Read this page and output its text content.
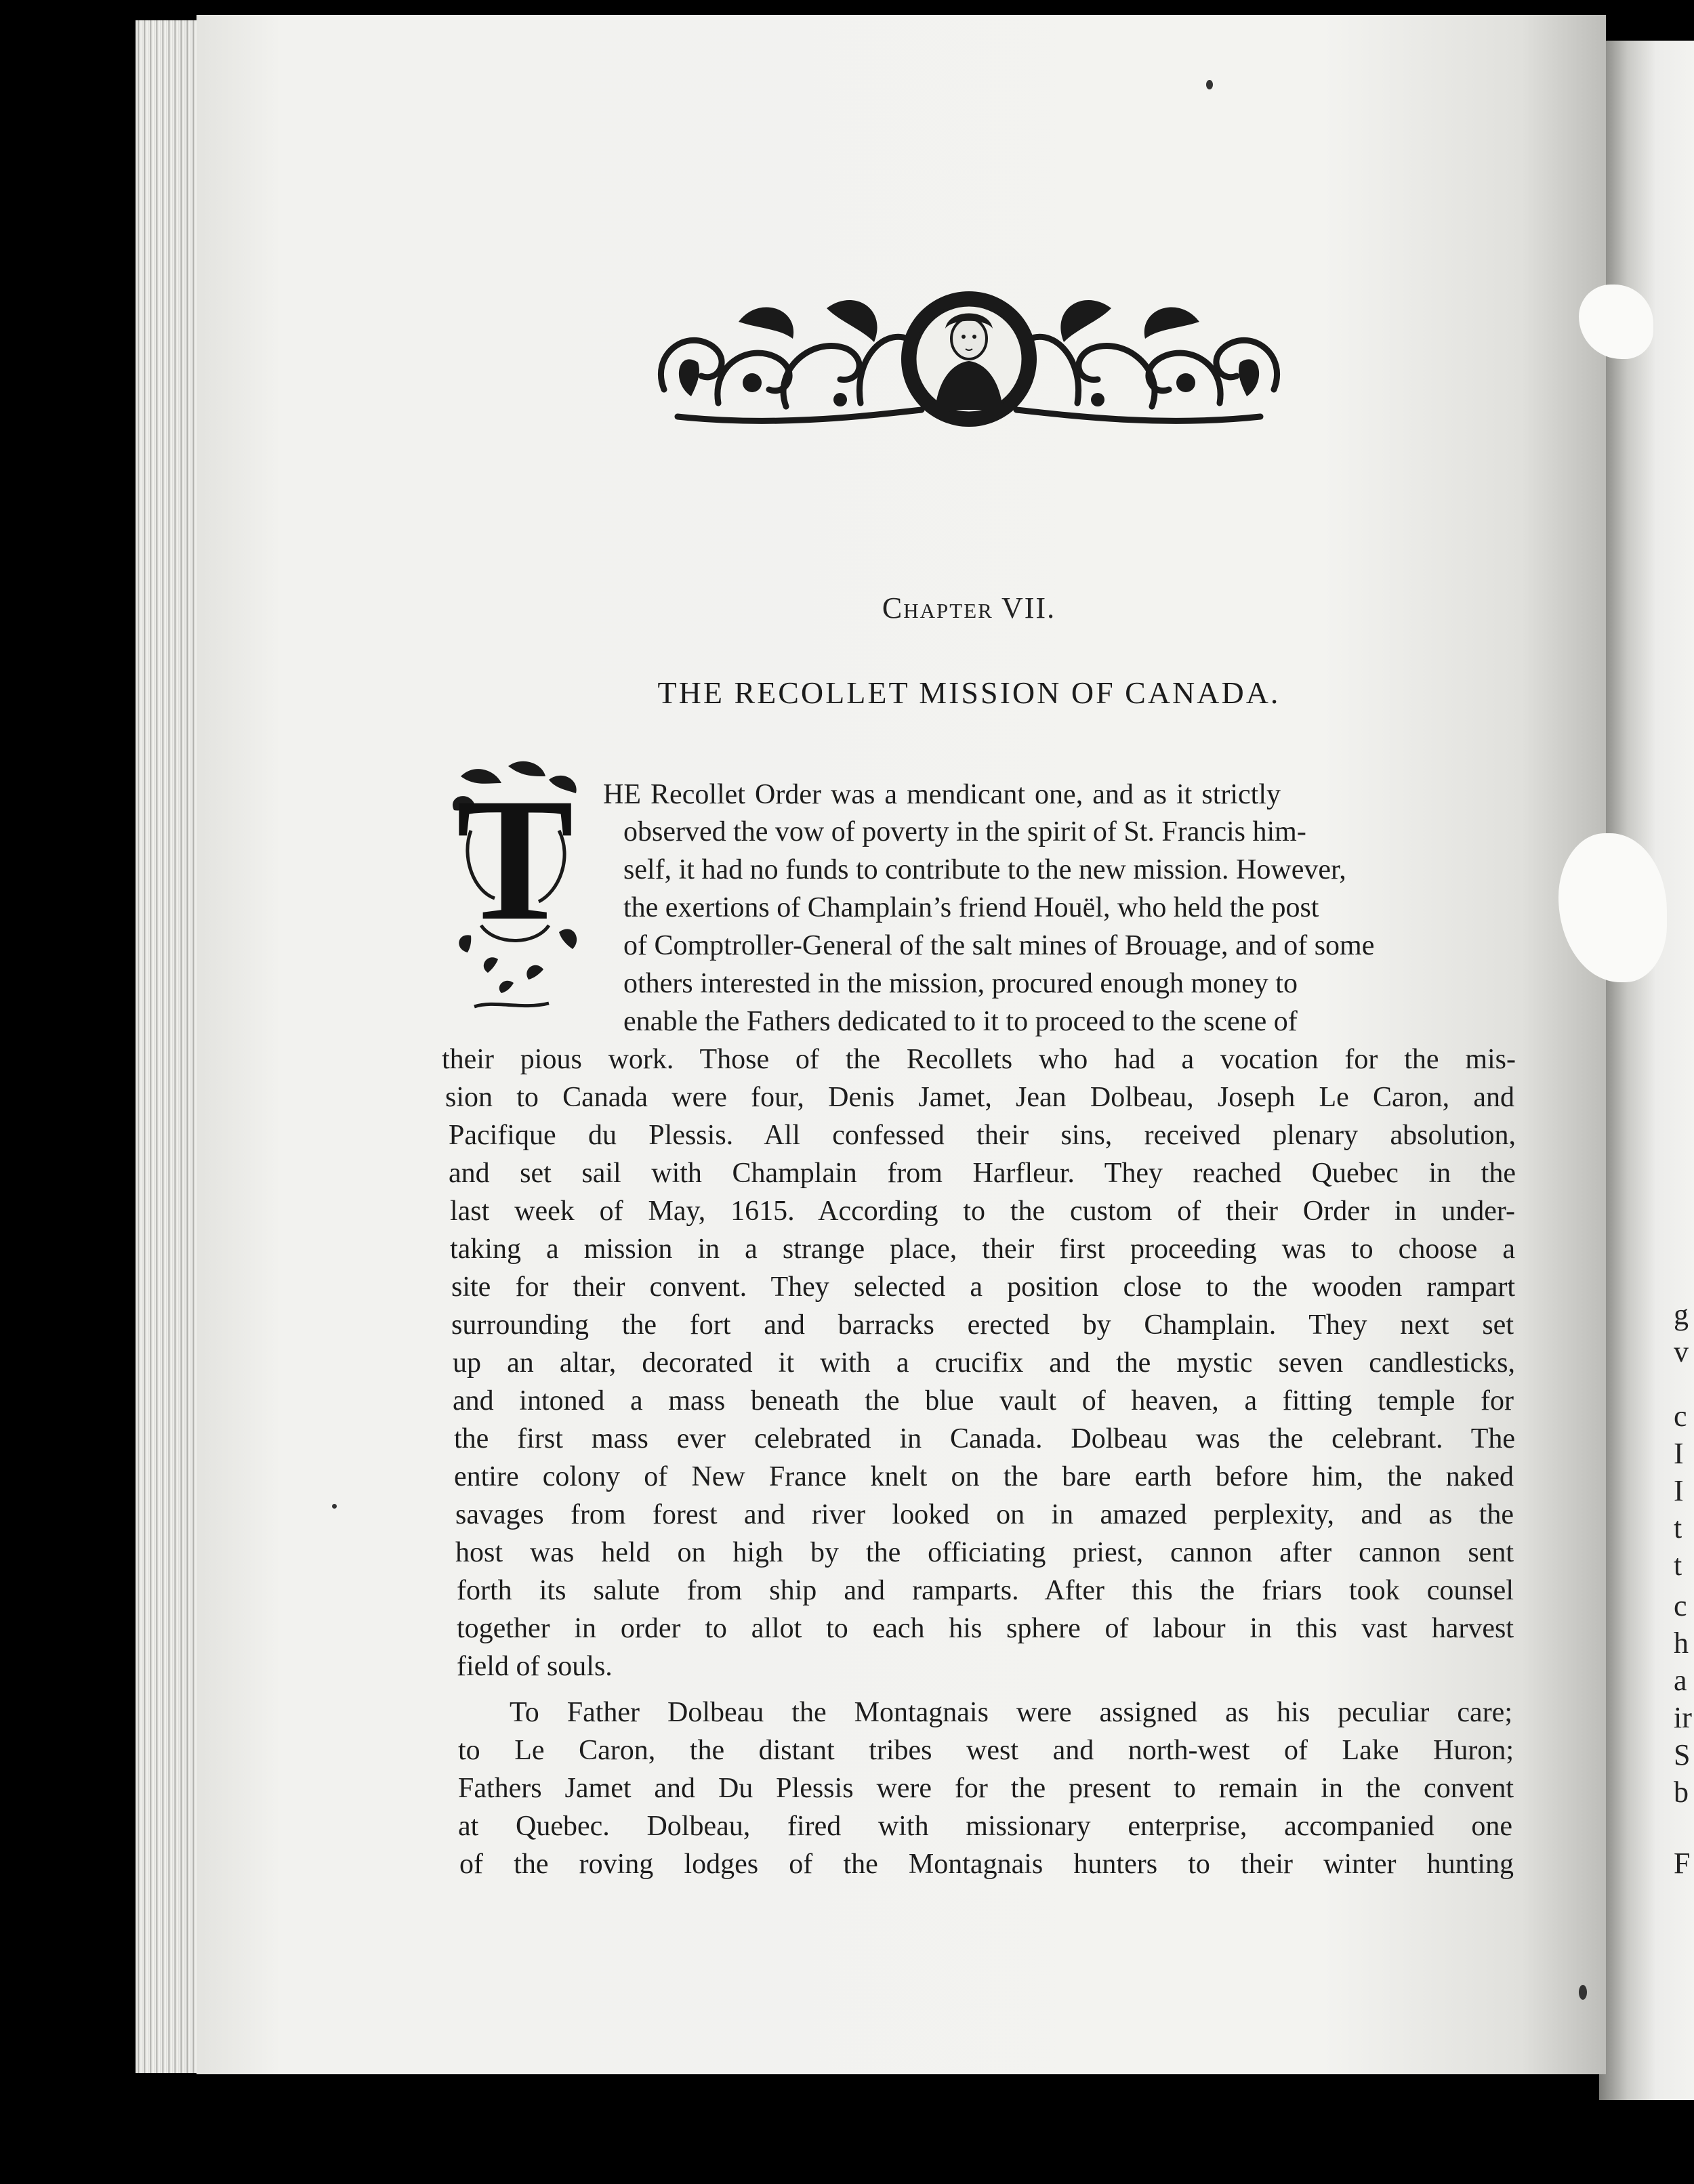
g
v
c
I
I
t
t
c
h
a
ir
S
b
F
Chapter VII.
THE RECOLLET MISSION OF CANADA.
T HE Recollet Order was a mendicant one, and as it strictly
observed the vow of poverty in the spirit of St. Francis him-
self, it had no funds to contribute to the new mission. However,
the exertions of Champlain’s friend Houël, who held the post
of Comptroller-General of the salt mines of Brouage, and of some
others interested in the mission, procured enough money to
enable the Fathers dedicated to it to proceed to the scene of
their pious work. Those of the Recollets who had a vocation for the mis-
sion to Canada were four, Denis Jamet, Jean Dolbeau, Joseph Le Caron, and
Pacifique du Plessis. All confessed their sins, received plenary absolution,
and set sail with Champlain from Harfleur. They reached Quebec in the
last week of May, 1615. According to the custom of their Order in under-
taking a mission in a strange place, their first proceeding was to choose a
site for their convent. They selected a position close to the wooden rampart
surrounding the fort and barracks erected by Champlain. They next set
up an altar, decorated it with a crucifix and the mystic seven candlesticks,
and intoned a mass beneath the blue vault of heaven, a fitting temple for
the first mass ever celebrated in Canada. Dolbeau was the celebrant. The
entire colony of New France knelt on the bare earth before him, the naked
savages from forest and river looked on in amazed perplexity, and as the
host was held on high by the officiating priest, cannon after cannon sent
forth its salute from ship and ramparts. After this the friars took counsel
together in order to allot to each his sphere of labour in this vast harvest
field of souls.
To Father Dolbeau the Montagnais were assigned as his peculiar care;
to Le Caron, the distant tribes west and north-west of Lake Huron;
Fathers Jamet and Du Plessis were for the present to remain in the convent
at Quebec. Dolbeau, fired with missionary enterprise, accompanied one
of the roving lodges of the Montagnais hunters to their winter hunting
